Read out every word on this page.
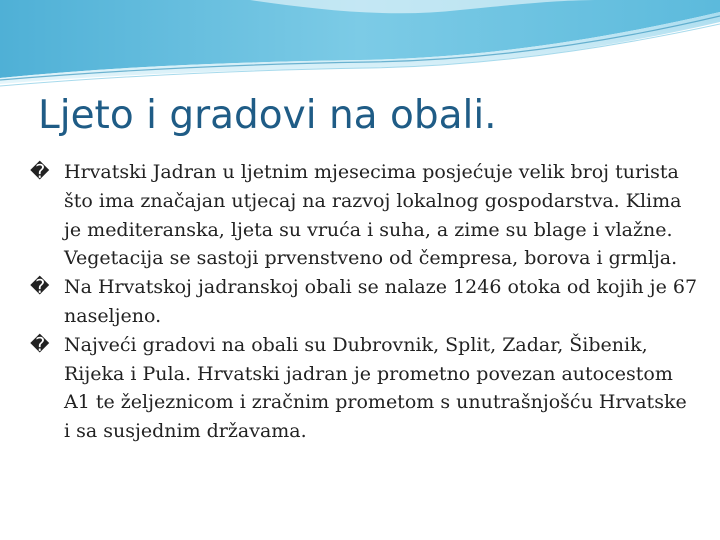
Ljeto i gradovi na obali.
� Hrvatski Jadran u ljetnim mjesecima posjećuje velik broj turista što ima značajan utjecaj na razvoj lokalnog gospodarstva. Klima je mediteranska, ljeta su vruća i suha, a zime su blage i vlažne. Vegetacija se sastoji prvenstveno od čempresa, borova i grmlja.
� Na Hrvatskoj jadranskoj obali se nalaze 1246 otoka od kojih je 67 naseljeno.
� Najveći gradovi na obali su Dubrovnik, Split, Zadar, Šibenik, Rijeka i Pula. Hrvatski jadran je prometno povezan autocestom A1 te željeznicom i zračnim prometom s unutrašnjošću Hrvatske i sa susjednim državama.
